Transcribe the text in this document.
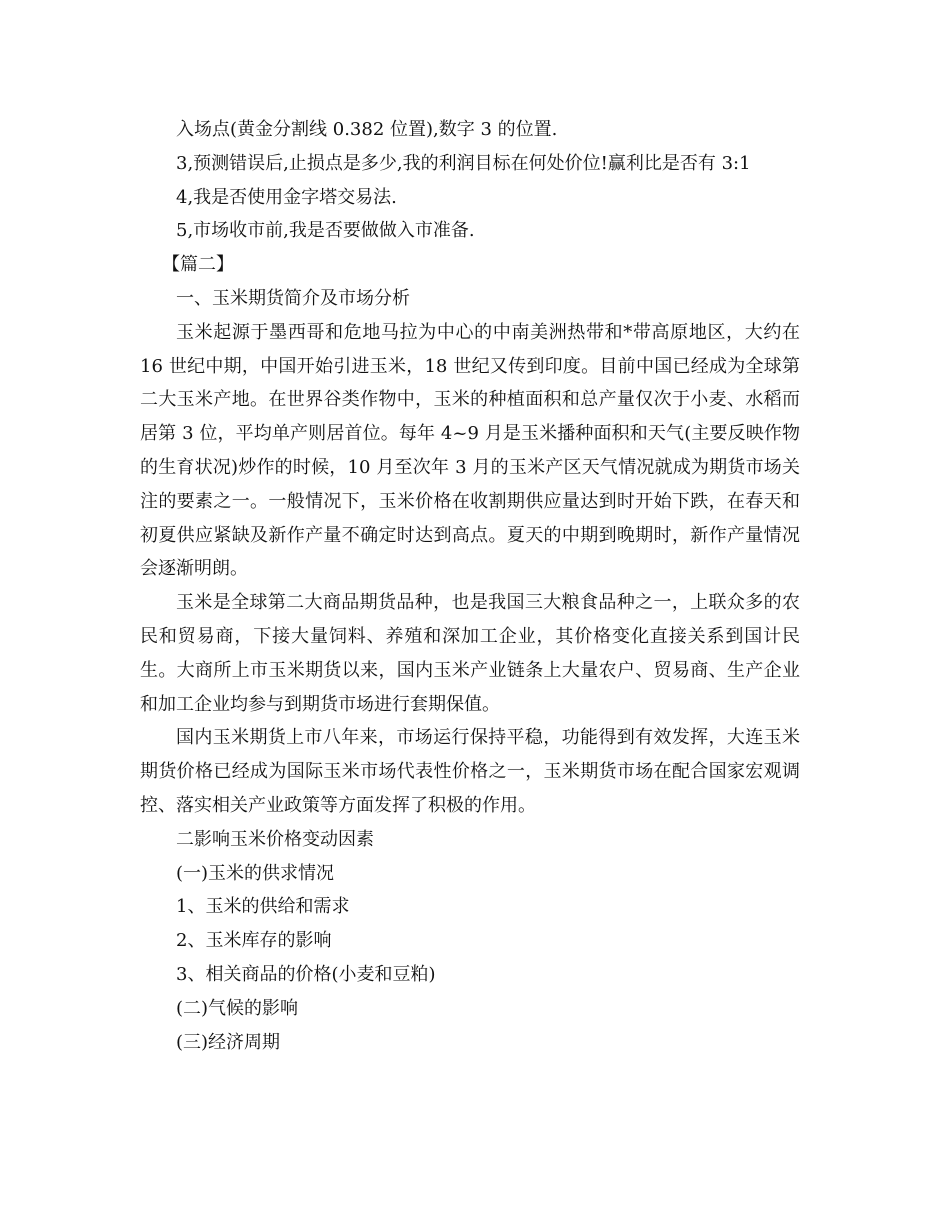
入场点(黄金分割线 0.382 位置),数字 3 的位置.
3,预测错误后,止损点是多少,我的利润目标在何处价位!赢利比是否有 3:1
4,我是否使用金字塔交易法.
5,市场收市前,我是否要做做入市准备.
【篇二】
一、玉米期货简介及市场分析
玉米起源于墨西哥和危地马拉为中心的中南美洲热带和*带高原地区，大约在 16 世纪中期，中国开始引进玉米，18 世纪又传到印度。目前中国已经成为全球第二大玉米产地。在世界谷类作物中，玉米的种植面积和总产量仅次于小麦、水稻而居第 3 位，平均单产则居首位。每年 4~9 月是玉米播种面积和天气(主要反映作物的生育状况)炒作的时候，10 月至次年 3 月的玉米产区天气情况就成为期货市场关注的要素之一。一般情况下，玉米价格在收割期供应量达到时开始下跌，在春天和初夏供应紧缺及新作产量不确定时达到高点。夏天的中期到晚期时，新作产量情况会逐渐明朗。
玉米是全球第二大商品期货品种，也是我国三大粮食品种之一，上联众多的农民和贸易商，下接大量饲料、养殖和深加工企业，其价格变化直接关系到国计民生。大商所上市玉米期货以来，国内玉米产业链条上大量农户、贸易商、生产企业和加工企业均参与到期货市场进行套期保值。
国内玉米期货上市八年来，市场运行保持平稳，功能得到有效发挥，大连玉米期货价格已经成为国际玉米市场代表性价格之一，玉米期货市场在配合国家宏观调控、落实相关产业政策等方面发挥了积极的作用。
二影响玉米价格变动因素
(一)玉米的供求情况
1、玉米的供给和需求
2、玉米库存的影响
3、相关商品的价格(小麦和豆粕)
(二)气候的影响
(三)经济周期
